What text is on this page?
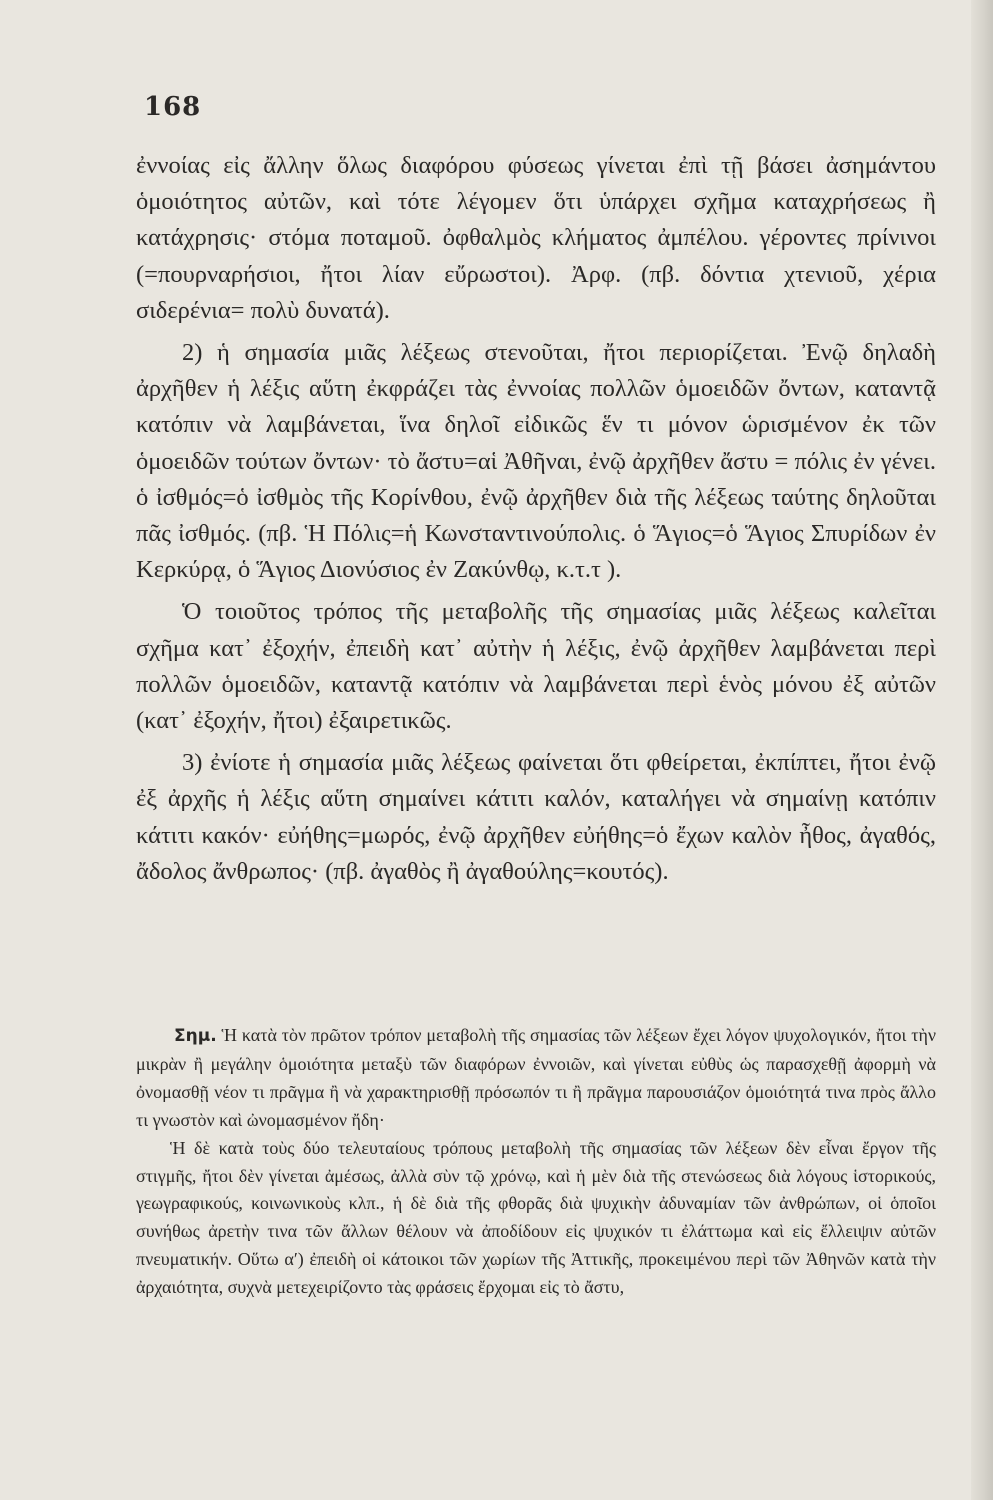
168

ἐννοίας εἰς ἄλλην ὅλως διαφόρου φύσεως γίνεται ἐπὶ τῇ βάσει ἀσημάντου ὁμοιότητος αὐτῶν, καὶ τότε λέγομεν ὅτι ὑπάρχει σχῆμα καταχρήσεως ἢ κατάχρησις· στόμα ποταμοῦ. ὀφθαλμὸς κλήματος ἀμπέλου. γέροντες πρίνινοι (=πουρναρήσιοι, ἤτοι λίαν εὔρωστοι). Ἀρφ. (πβ. δόντια χτενιοῦ, χέρια σιδερένια= πολὺ δυνατά).

2) ἡ σημασία μιᾶς λέξεως στενοῦται, ἤτοι περιορίζεται. Ἐνῷ δηλαδὴ ἀρχῆθεν ἡ λέξις αὕτη ἐκφράζει τὰς ἐννοίας πολλῶν ὁμοειδῶν ὄντων, καταντᾷ κατόπιν νὰ λαμβάνεται, ἵνα δηλοῖ εἰδικῶς ἕν τι μόνον ὡρισμένον ἐκ τῶν ὁμοειδῶν τούτων ὄντων· τὸ ἄστυ=αἱ Ἀθῆναι, ἐνῷ ἀρχῆθεν ἄστυ = πόλις ἐν γένει. ὁ ἰσθμός=ὁ ἰσθμὸς τῆς Κορίνθου, ἐνῷ ἀρχῆθεν διὰ τῆς λέξεως ταύτης δηλοῦται πᾶς ἰσθμός. (πβ. Ἡ Πόλις=ἡ Κωνσταντινούπολις. ὁ Ἅγιος=ὁ Ἅγιος Σπυρίδων ἐν Κερκύρᾳ, ὁ Ἅγιος Διονύσιος ἐν Ζακύνθῳ, κ.τ.τ ).

Ὁ τοιοῦτος τρόπος τῆς μεταβολῆς τῆς σημασίας μιᾶς λέξεως καλεῖται σχῆμα κατ᾽ ἐξοχήν, ἐπειδὴ κατ᾽ αὐτὴν ἡ λέξις, ἐνῷ ἀρχῆθεν λαμβάνεται περὶ πολλῶν ὁμοειδῶν, καταντᾷ κατόπιν νὰ λαμβάνεται περὶ ἑνὸς μόνου ἐξ αὐτῶν (κατ᾽ ἐξοχήν, ἤτοι) ἐξαιρετικῶς.

3) ἐνίοτε ἡ σημασία μιᾶς λέξεως φαίνεται ὅτι φθείρεται, ἐκπίπτει, ἤτοι ἐνῷ ἐξ ἀρχῆς ἡ λέξις αὕτη σημαίνει κάτιτι καλόν, καταλήγει νὰ σημαίνῃ κατόπιν κάτιτι κακόν· εὐήθης=μωρός, ἐνῷ ἀρχῆθεν εὐήθης=ὁ ἔχων καλὸν ἦθος, ἀγαθός, ἄδολος ἄνθρωπος· (πβ. ἀγαθὸς ἢ ἀγαθούλης=κουτός).

Σημ. Ἡ κατὰ τὸν πρῶτον τρόπον μεταβολὴ τῆς σημασίας τῶν λέξεων ἔχει λόγον ψυχολογικόν, ἤτοι τὴν μικρὰν ἢ μεγάλην ὁμοιότητα μεταξὺ τῶν διαφόρων ἐννοιῶν, καὶ γίνεται εὐθὺς ὡς παρασχεθῇ ἀφορμὴ νὰ ὀνομασθῇ νέον τι πρᾶγμα ἢ νὰ χαρακτηρισθῇ πρόσωπόν τι ἢ πρᾶγμα παρουσιάζον ὁμοιότητά τινα πρὸς ἄλλο τι γνωστὸν καὶ ὠνομασμένον ἤδη·

Ἡ δὲ κατὰ τοὺς δύο τελευταίους τρόπους μεταβολὴ τῆς σημασίας τῶν λέξεων δὲν εἶναι ἔργον τῆς στιγμῆς, ἤτοι δὲν γίνεται ἀμέσως, ἀλλὰ σὺν τῷ χρόνῳ, καὶ ἡ μὲν διὰ τῆς στενώσεως διὰ λόγους ἱστορικούς, γεωγραφικούς, κοινωνικοὺς κλπ., ἡ δὲ διὰ τῆς φθορᾶς διὰ ψυχικὴν ἀδυναμίαν τῶν ἀνθρώπων, οἱ ὁποῖοι συνήθως ἀρετὴν τινα τῶν ἄλλων θέλουν νὰ ἀποδίδουν εἰς ψυχικόν τι ἐλάττωμα καὶ εἰς ἔλλειψιν αὐτῶν πνευματικήν. Οὕτω α′) ἐπειδὴ οἱ κάτοικοι τῶν χωρίων τῆς Ἀττικῆς, προκειμένου περὶ τῶν Ἀθηνῶν κατὰ τὴν ἀρχαιότητα, συχνὰ μετεχειρίζοντο τὰς φράσεις ἔρχομαι εἰς τὸ ἄστυ,
